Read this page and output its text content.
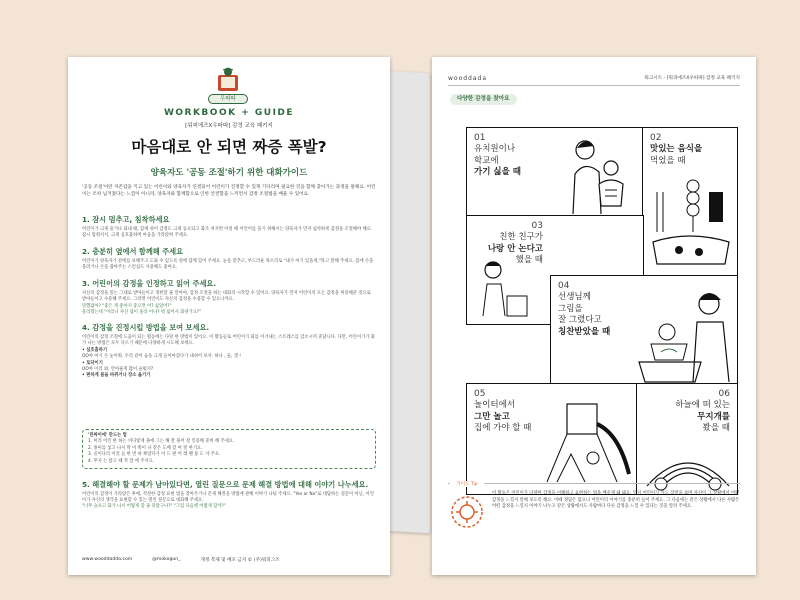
우따따
WORKBOOK + GUIDE
[워피에즈X우따따] 감정 교육 패키지
마음대로 안 되면 짜증 폭발?
양육자도 '공동 조절'하기 위한 대화가이드
'공동 조절'이란 자존감을 키고 있는 어린이와 양육자가 연결되어 어린이가 진정할 수 있게 기다리며 필요한 것을 함께 찾아가는 과정을 말해요. 어린이는 조차 넘겨졌다는 느낌이 아니라, 양육자와 함께함으로 인한 안전함을 느끼면서 감정 조절법을 배울 수 있어요.
1. 잠시 멈추고, 침착하세요
어린이가 크게 울거나 화내 때, 함께 쉬어 감정도 크게 동요되고 화조 쳐지면 이럴 때 어린이를 돌기 위해서는 양육자가 먼저 침착하게 감정을 조절해야 해요. 잠시 멈춰서서, 크게 심호흡하며 마음을 가라앉혀 주세요.
2. 충분히 옆에서 함께해 주세요
어린이가 양육자가 곁에를 보해주고 도와 수 있도록 옆에 함께 있어 주세요. 눈을 맞추고, 부드러운 목소리로 "내가 여기 있을게,"라고 말해 주세요. 몸에 손을 올려거나 손을 잡아주는 스킨십도 사용해도 좋아요.
3. 어린이의 감정을 인정하고 읽어 주세요.
자신의 감정을 읽는 그대로 받아들이고 정한할 줄 알아야, 감정 조절을 하는 대화의 시작할 수 있어요. 양육자가 먼저 어린이의 모든 감정을 허용해준 것으로 받아들이고 수용해 주세요. 그러면 어린이도 자신의 감정을 수용할 수 있으니까요.
말했잖아? "좋은 게 좋아지 좋으면 어? 싫었어?"
울리겠는데 "이러니 자신 답이 올라 어나? 뭐 싫어서 화낸가요?"
4. 감정을 진정시킬 방법을 보여 보세요.
어린이의 감정 조절에 도움이 되는 활동에는 다양 한 방법이 있어요. 이 활동들로 어린이가 화를 이겨내는 스트레스를 감소시켜 준답니다. 다만, 어린이가가 화가 나는 방법은 모두 다르기 때문에 다양하게 시도해 보세요.
• 심호흡하기
OO야 여기 손 놓이줘. 우리 같이 숨을 크게 들이마셨다가 내쉬어 보자. 하나 , 둘, 셋 !
• 토닥이기
OO야 이리 와. 안아줄게 많이 슬펐지?
• 편하게 몸을 바뀌거나 장소 옮기기
'린짜이에' 만드는 법
1. 미리 어린 한 하는 커다랗게 풀에 그는 해 잘 풀어 잘 일용해 준비 해 주세요.
2. 종이를 넣고 나서 딱 이 쪽이 나 같은 도배 할 여 빌 한거요.
3. 골이다리 이것 들 한 번 바 뽀았다가 이 드 판 어 레 팬 용 도 자 주요.
4. 무지 는 앉고 때 작 할 에 주서요.
5. 해결해야 할 문제가 남아있다면, 열린 질문으로 문제 해결 방법에 대해 이야기 나누세요.
어린이의 감정이 가라앉은 후에, 적절한 감정 표현 법을 찾아주거나 문제 해결을 방법에 관해 이야기 나눠 주세요. "Yes or No"로 대답하는 질문이 아닌, 어린이가 자신의 생각을 표현할 수 있는 열린 질문으로 대화해 주세요.
"너무 슬프고 화가 나서 어떻게 할 줄 몰랐구나?" "그럼 다음엔 어떻게 할까?"
www.wooddadda.com	@mokogun_	개정 복제 및 배포 금지 © (주)워피그즈
wooddada	워크시트 - [워피에즈X우따따] 감정 교육 패키지
다양한 감정을 찾아요
01
유치원이나
학교에
가기 싫을 때
02
맛있는 음식을
먹었을 때
03
친한 친구가
나랑 안 논다고
했을 때
04
선생님께
그림을
잘 그렸다고
칭찬받았을 때
05
놀이터에서
그만 놀고
집에 가야 할 때
06
하늘에 떠 있는
무지개를
봤을 때
가이드 Tip
이 활동은 어린이가 다양한 감정을 이해하고 표현하는 법을 배우게 돼 돼요. 먼저 어린이가 카드 장면을 보며 자신이 그 상황에서 어떤 감정을 느낄지 말해 보도록 해요. 이때 정답은 없으니 어린이의 이야기를 충분히 들어 주세요. 그 다음에는 같은 상황에서 다른 사람은 어떤 감정을 느낄지 이야기 나누고 같은 상황에서도 사람마다 다른 감정을 느낄 수 있다는 것을 알려 주세요.
